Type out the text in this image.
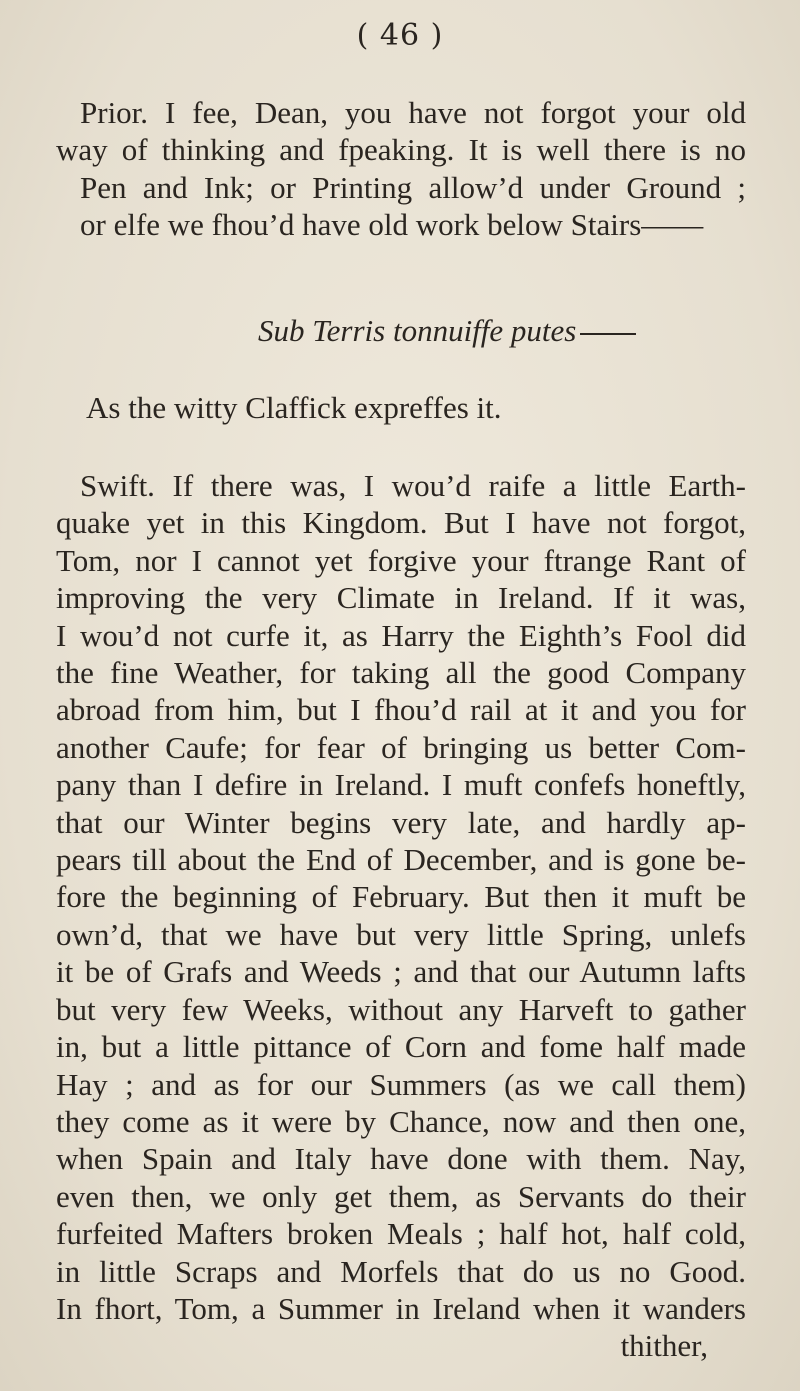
( 46 )
Prior. I fee, Dean, you have not forgot your old
way of thinking and fpeaking. It is well there is no
Pen and Ink; or Printing allow’d under Ground ;
or elfe we fhou’d have old work below Stairs——
Sub Terris tonnuiffe putes
As the witty Claffick expreffes it.
Swift. If there was, I wou’d raife a little Earth-
quake yet in this Kingdom. But I have not forgot,
Tom, nor I cannot yet forgive your ftrange Rant of
improving the very Climate in Ireland. If it was,
I wou’d not curfe it, as Harry the Eighth’s Fool did
the fine Weather, for taking all the good Company
abroad from him, but I fhou’d rail at it and you for
another Caufe; for fear of bringing us better Com-
pany than I defire in Ireland. I muft confefs honeftly,
that our Winter begins very late, and hardly ap-
pears till about the End of December, and is gone be-
fore the beginning of February. But then it muft be
own’d, that we have but very little Spring, unlefs
it be of Grafs and Weeds ; and that our Autumn lafts
but very few Weeks, without any Harveft to gather
in, but a little pittance of Corn and fome half made
Hay ; and as for our Summers (as we call them)
they come as it were by Chance, now and then one,
when Spain and Italy have done with them. Nay,
even then, we only get them, as Servants do their
furfeited Mafters broken Meals ; half hot, half cold,
in little Scraps and Morfels that do us no Good.
In fhort, Tom, a Summer in Ireland when it wanders
thither,
